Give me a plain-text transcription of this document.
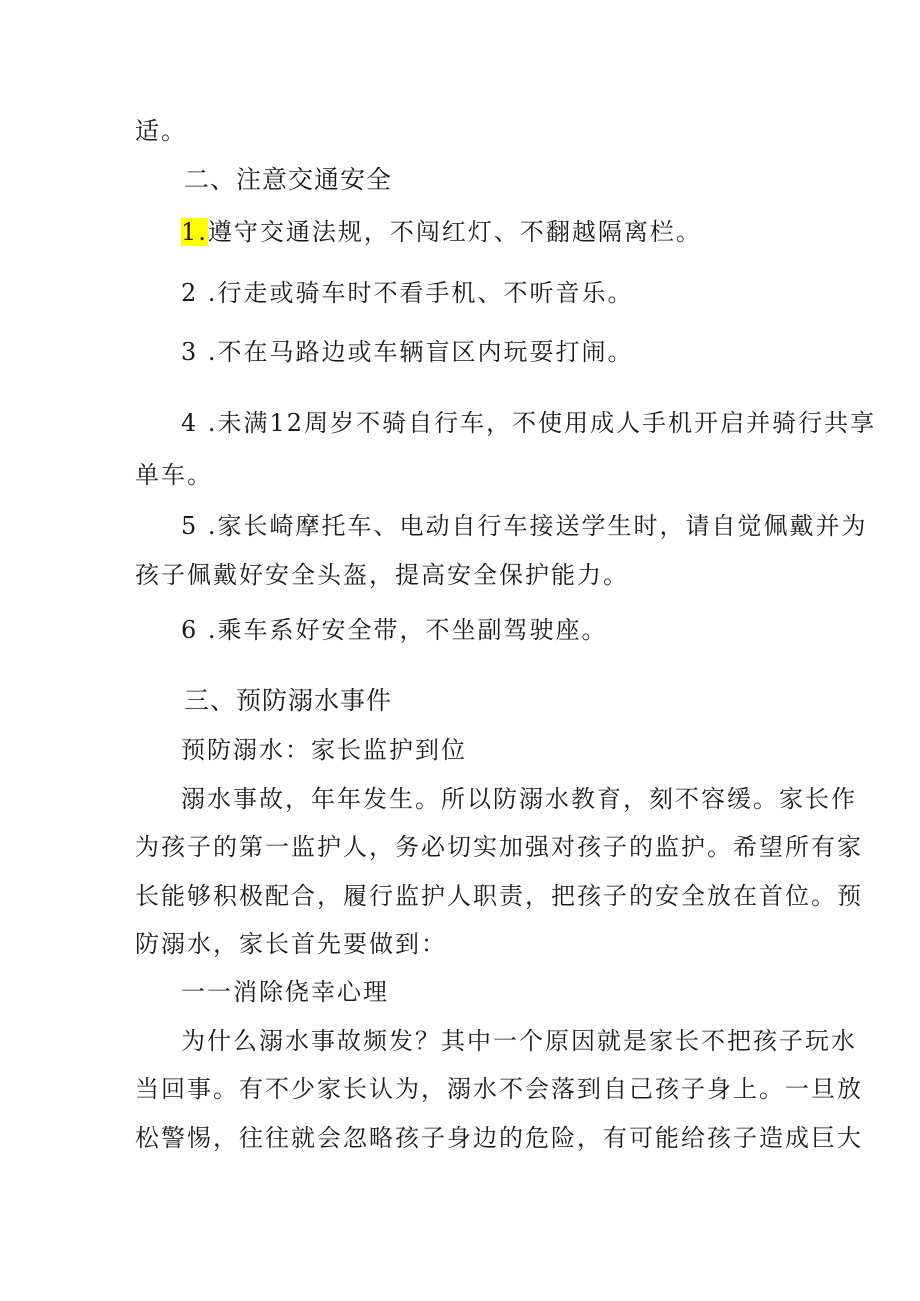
适。
二、注意交通安全
1.遵守交通法规，不闯红灯、不翻越隔离栏。
2 .行走或骑车时不看手机、不听音乐。
3 .不在马路边或车辆盲区内玩耍打闹。
4 .未满12周岁不骑自行车，不使用成人手机开启并骑行共享
单车。
5 .家长崎摩托车、电动自行车接送学生时，请自觉佩戴并为
孩子佩戴好安全头盔，提高安全保护能力。
6 .乘车系好安全带，不坐副驾驶座。
三、预防溺水事件
预防溺水：家长监护到位
溺水事故，年年发生。所以防溺水教育，刻不容缓。家长作
为孩子的第一监护人，务必切实加强对孩子的监护。希望所有家
长能够积极配合，履行监护人职责，把孩子的安全放在首位。预
防溺水，家长首先要做到：
一一消除侥幸心理
为什么溺水事故频发？其中一个原因就是家长不把孩子玩水
当回事。有不少家长认为，溺水不会落到自己孩子身上。一旦放
松警惕，往往就会忽略孩子身边的危险，有可能给孩子造成巨大
